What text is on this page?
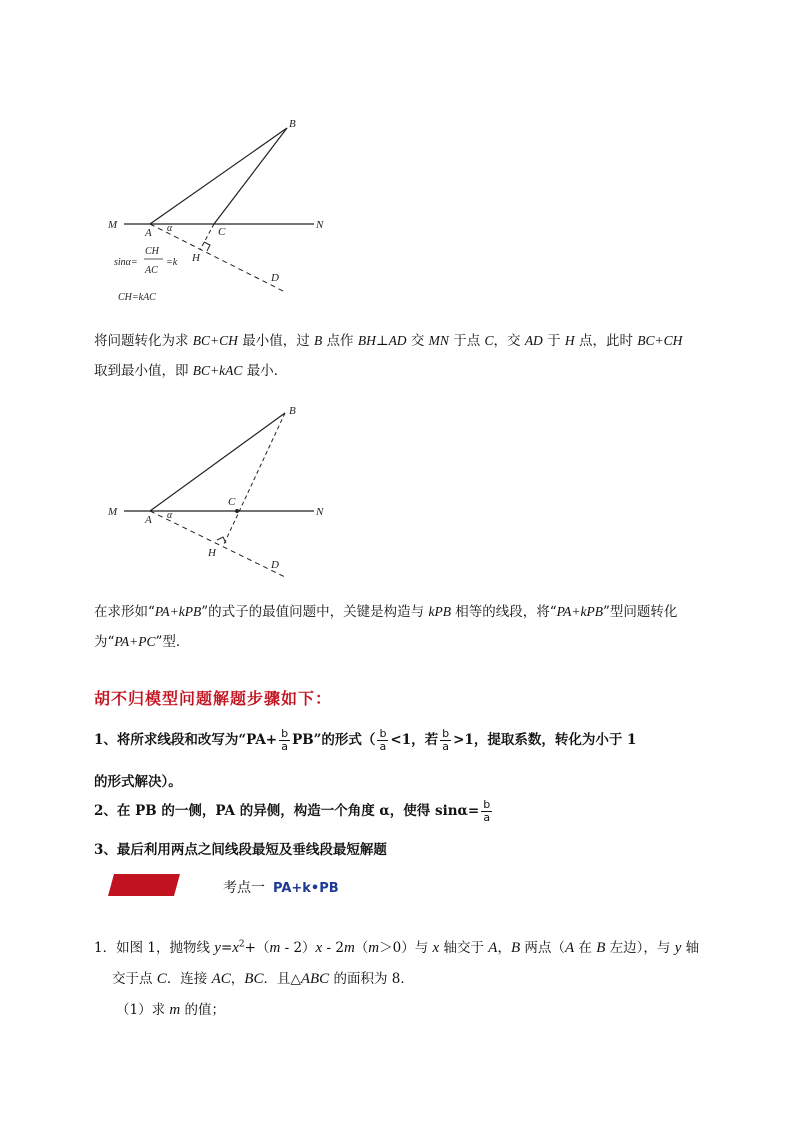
B
M	N
A α	C
H
D
sinα=
CH
AC
=k
CH=kAC
将问题转化为求 BC+CH 最小值，过 B 点作 BH⊥AD 交 MN 于点 C，交 AD 于 H 点，此时 BC+CH
取到最小值，即 BC+kAC 最小．
B
M	N
A α
C
H
D
在求形如“PA+kPB”的式子的最值问题中，关键是构造与 kPB 相等的线段，将“PA+kPB”型问题转化
为“PA+PC”型．
胡不归模型问题解题步骤如下：
1、将所求线段和改写为“$PA+ \frac{b}{a}$ PB”的形式（ $\frac{b}{a} <1$，若 $\frac{b}{a} >1$，提取系数，转化为小于 1
的形式解决）。
2、在 PB 的一侧，PA 的异侧，构造一个角度 α，使得 $\sin\alpha= \frac{b}{a}$
3、最后利用两点之间线段最短及垂线段最短解题
考点一 PA+k•PB
1．如图 1，抛物线 $y=x^2+(m - 2)x - 2m(m>0)$与 x 轴交于 A，B 两点（A 在 B 左边），与 y 轴
交于点 C．连接 AC，BC．且△ABC 的面积为 8．
（1）求 m 的值；
